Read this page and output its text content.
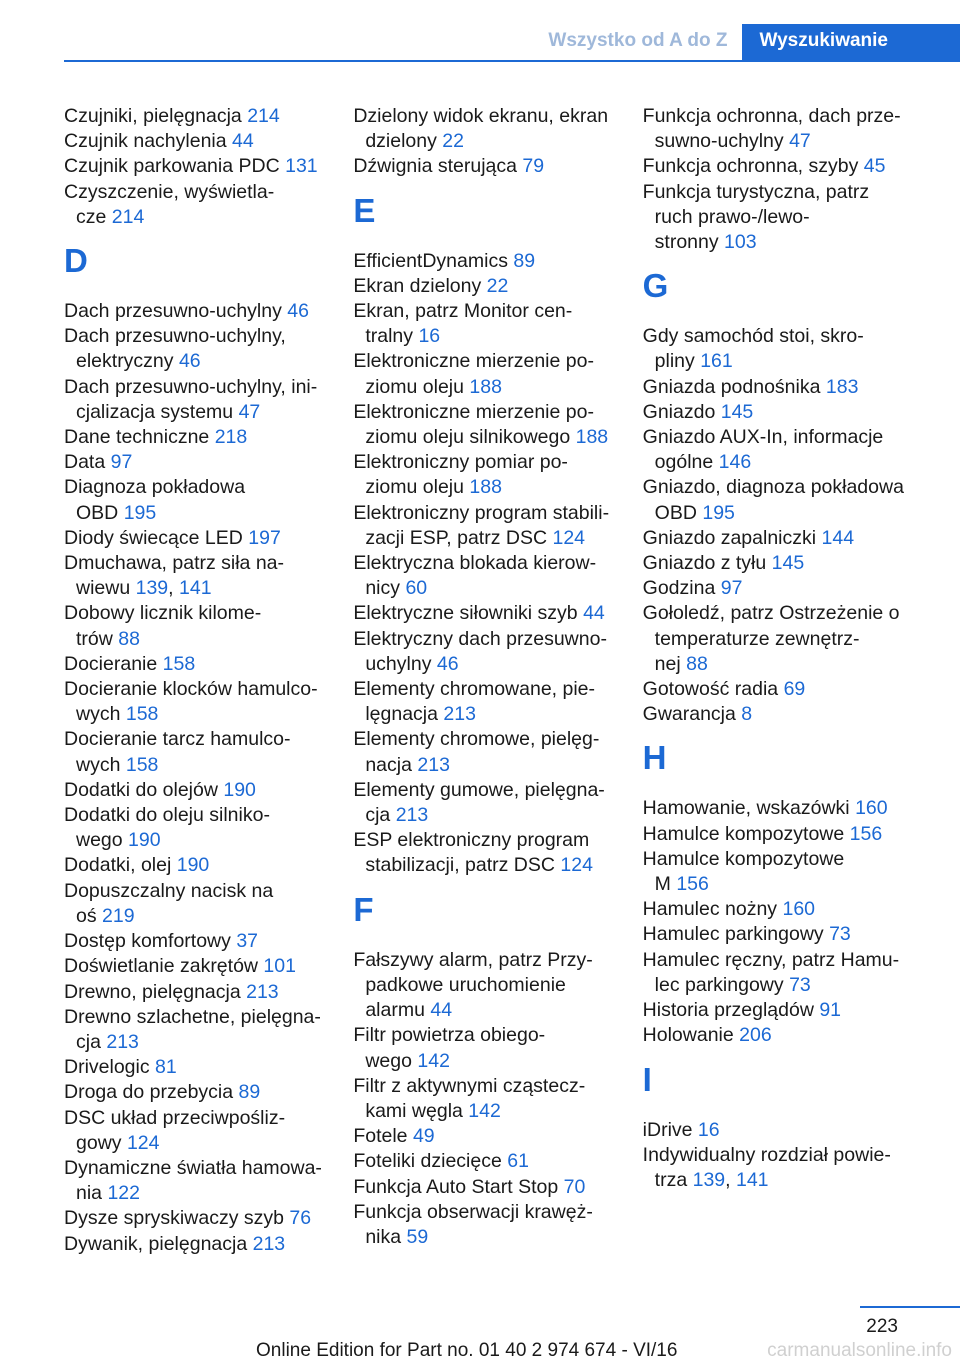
Wszystko od A do Z	Wyszukiwanie
Czujniki, pielęgnacja 214
Czujnik nachylenia 44
Czujnik parkowania PDC 131
Czyszczenie, wyświetla‐
cze 214
D
Dach przesuwno-uchylny 46
Dach przesuwno-uchylny,
elektryczny 46
Dach przesuwno-uchylny, ini‐
cjalizacja systemu 47
Dane techniczne 218
Data 97
Diagnoza pokładowa
OBD 195
Diody świecące LED 197
Dmuchawa, patrz siła na‐
wiewu 139, 141
Dobowy licznik kilome‐
trów 88
Docieranie 158
Docieranie klocków hamulco‐
wych 158
Docieranie tarcz hamulco‐
wych 158
Dodatki do olejów 190
Dodatki do oleju silniko‐
wego 190
Dodatki, olej 190
Dopuszczalny nacisk na
oś 219
Dostęp komfortowy 37
Doświetlanie zakrętów 101
Drewno, pielęgnacja 213
Drewno szlachetne, pielęgna‐
cja 213
Drivelogic 81
Droga do przebycia 89
DSC układ przeciwpośliz‐
gowy 124
Dynamiczne światła hamowa‐
nia 122
Dysze spryskiwaczy szyb 76
Dywanik, pielęgnacja 213
Dzielony widok ekranu, ekran
dzielony 22
Dźwignia sterująca 79
E
EfficientDynamics 89
Ekran dzielony 22
Ekran, patrz Monitor cen‐
tralny 16
Elektroniczne mierzenie po‐
ziomu oleju 188
Elektroniczne mierzenie po‐
ziomu oleju silnikowego 188
Elektroniczny pomiar po‐
ziomu oleju 188
Elektroniczny program stabili‐
zacji ESP, patrz DSC 124
Elektryczna blokada kierow‐
nicy 60
Elektryczne siłowniki szyb 44
Elektryczny dach przesuwno-
uchylny 46
Elementy chromowane, pie‐
lęgnacja 213
Elementy chromowe, pielęg‐
nacja 213
Elementy gumowe, pielęgna‐
cja 213
ESP elektroniczny program
stabilizacji, patrz DSC 124
F
Fałszywy alarm, patrz Przy‐
padkowe uruchomienie
alarmu 44
Filtr powietrza obiego‐
wego 142
Filtr z aktywnymi cząstecz‐
kami węgla 142
Fotele 49
Foteliki dziecięce 61
Funkcja Auto Start Stop 70
Funkcja obserwacji krawęż‐
nika 59
Funkcja ochronna, dach prze‐
suwno-uchylny 47
Funkcja ochronna, szyby 45
Funkcja turystyczna, patrz
ruch prawo-/lewo‐
stronny 103
G
Gdy samochód stoi, skro‐
pliny 161
Gniazda podnośnika 183
Gniazdo 145
Gniazdo AUX-In, informacje
ogólne 146
Gniazdo, diagnoza pokładowa
OBD 195
Gniazdo zapalniczki 144
Gniazdo z tyłu 145
Godzina 97
Gołoledź, patrz Ostrzeżenie o
temperaturze zewnętrz‐
nej 88
Gotowość radia 69
Gwarancja 8
H
Hamowanie, wskazówki 160
Hamulce kompozytowe 156
Hamulce kompozytowe
M 156
Hamulec nożny 160
Hamulec parkingowy 73
Hamulec ręczny, patrz Hamu‐
lec parkingowy 73
Historia przeglądów 91
Holowanie 206
I
iDrive 16
Indywidualny rozdział powie‐
trza 139, 141
223
Online Edition for Part no. 01 40 2 974 674 - VI/16	carmanualsonline.info
